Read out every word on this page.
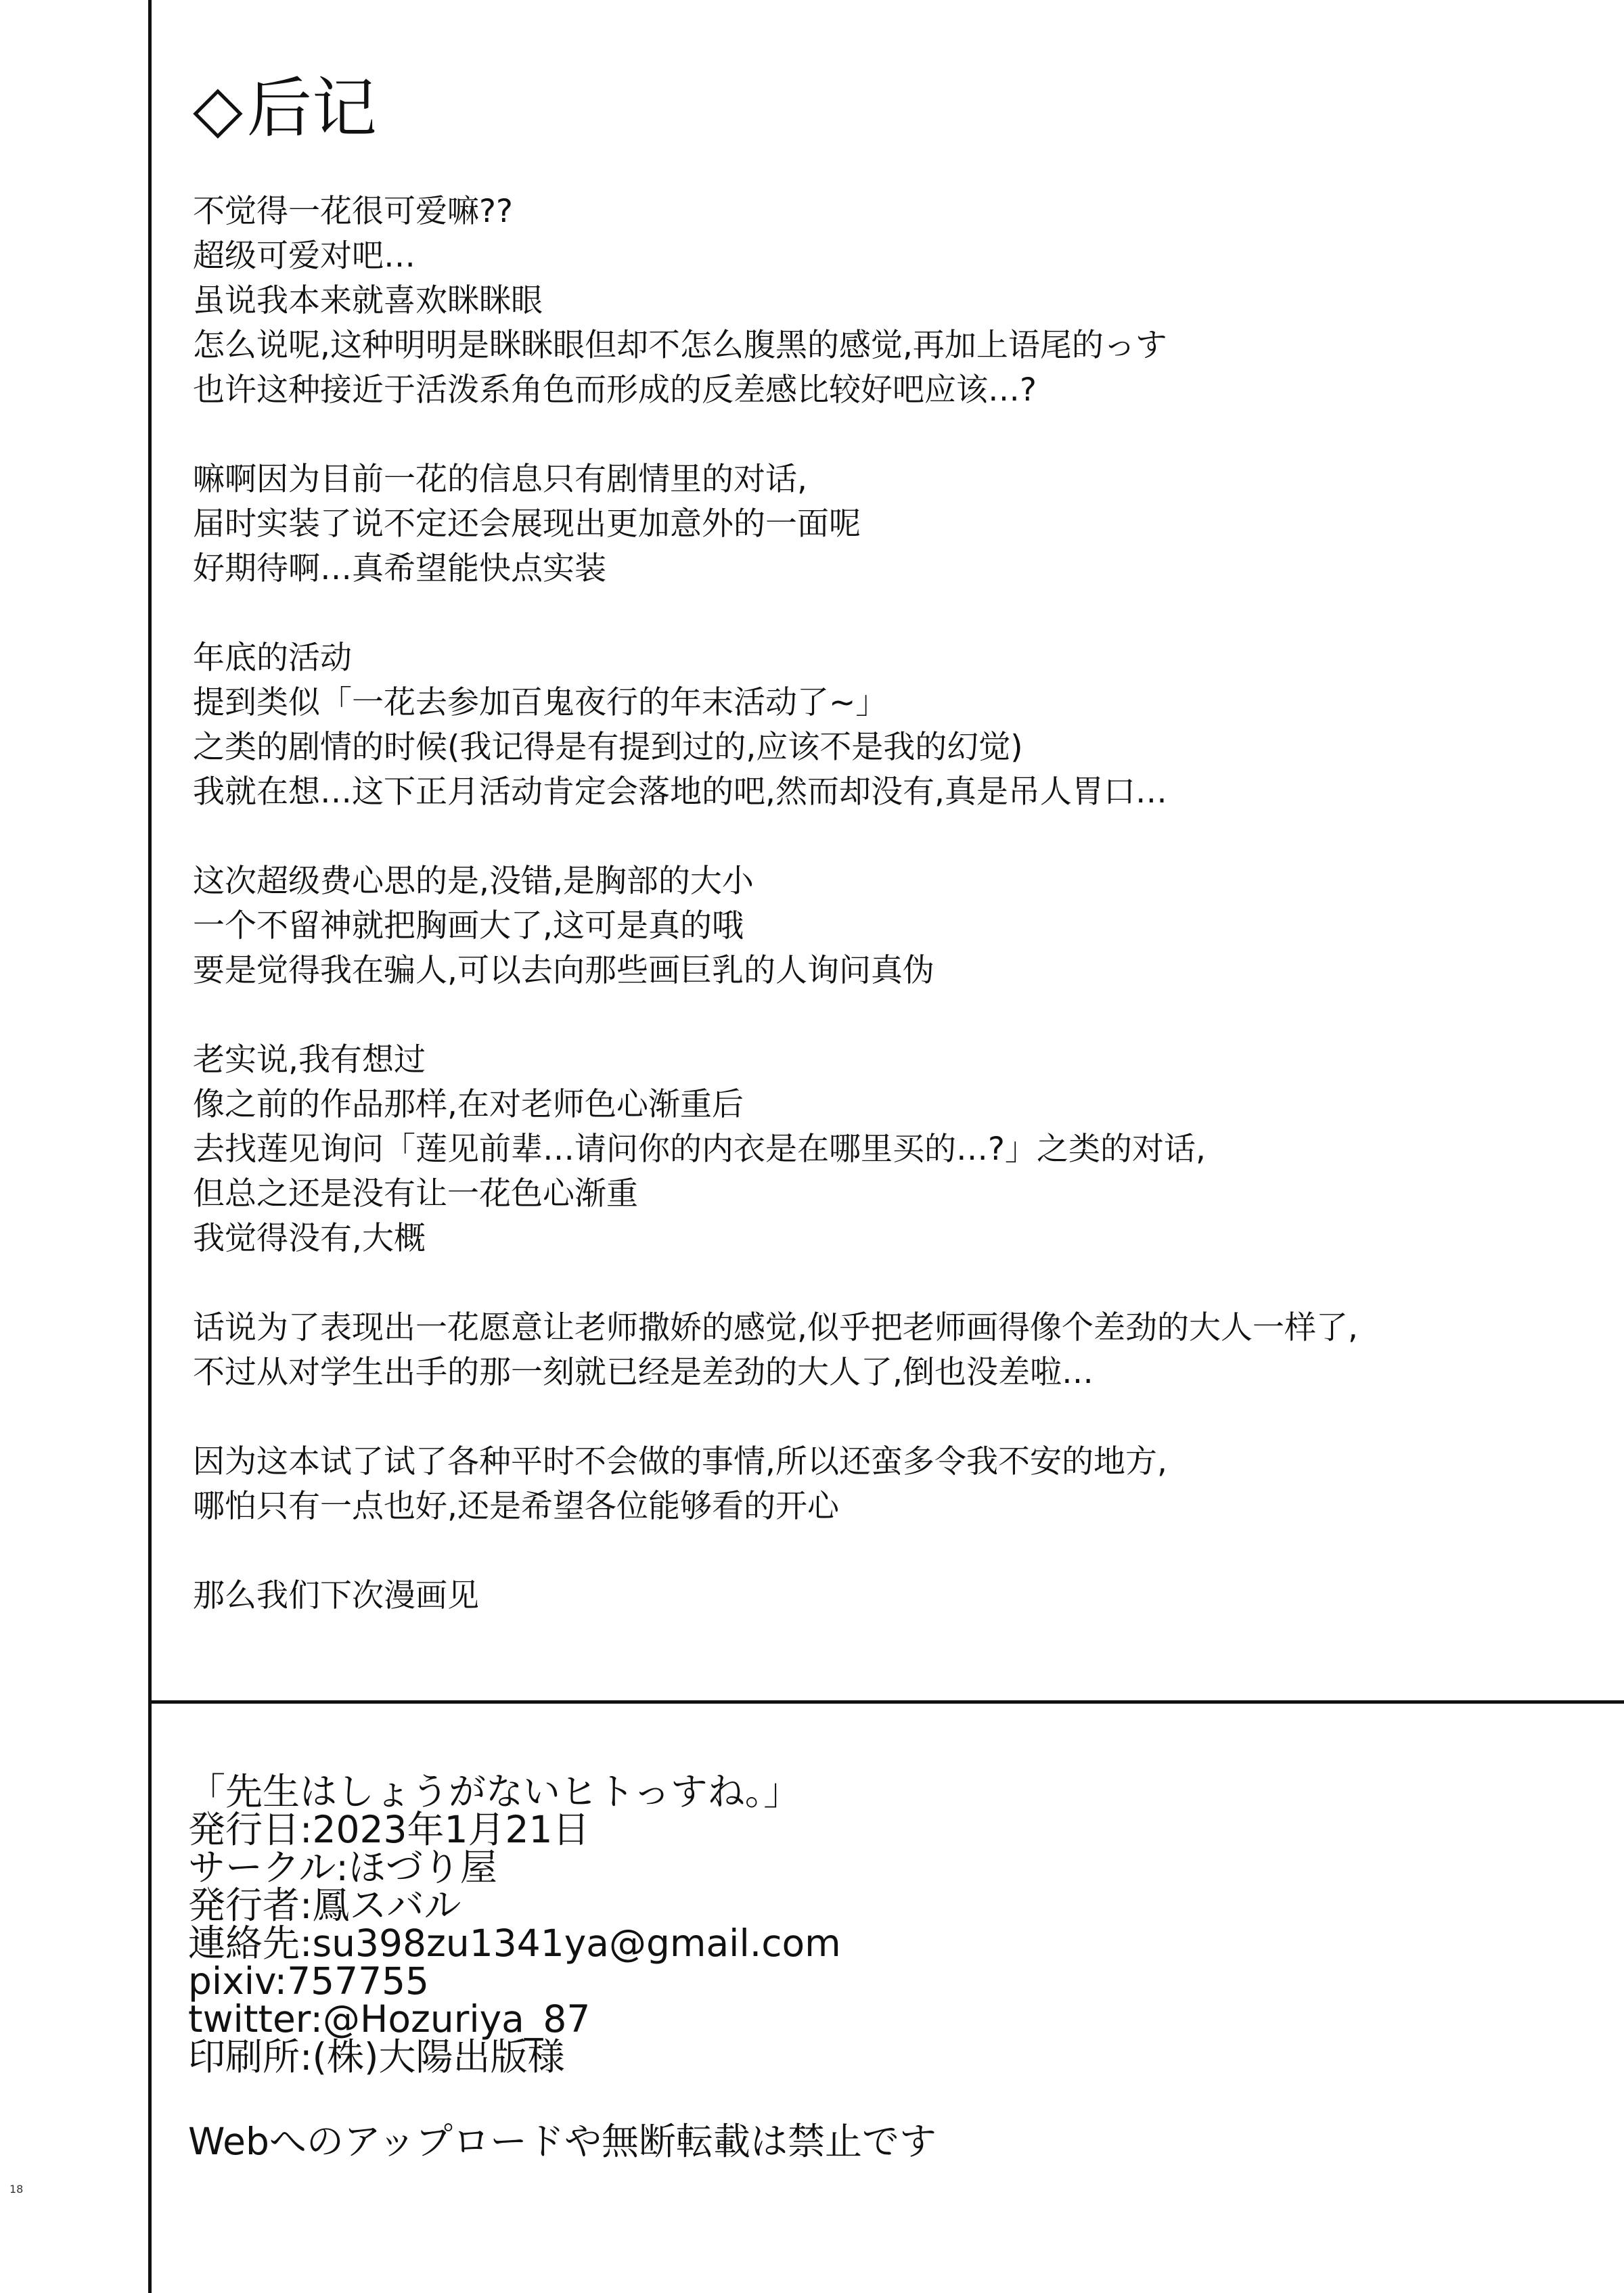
◇后记
不觉得一花很可爱嘛??
超级可爱对吧…
虽说我本来就喜欢眯眯眼
怎么说呢,这种明明是眯眯眼但却不怎么腹黑的感觉,再加上语尾的っす
也许这种接近于活泼系角色而形成的反差感比较好吧应该…?
嘛啊因为目前一花的信息只有剧情里的对话,
届时实装了说不定还会展现出更加意外的一面呢
好期待啊…真希望能快点实装
年底的活动
提到类似「一花去参加百鬼夜行的年末活动了~」
之类的剧情的时候(我记得是有提到过的,应该不是我的幻觉)
我就在想…这下正月活动肯定会落地的吧,然而却没有,真是吊人胃口…
这次超级费心思的是,没错,是胸部的大小
一个不留神就把胸画大了,这可是真的哦
要是觉得我在骗人,可以去向那些画巨乳的人询问真伪
老实说,我有想过
像之前的作品那样,在对老师色心渐重后
去找莲见询问「莲见前辈…请问你的内衣是在哪里买的…?」之类的对话,
但总之还是没有让一花色心渐重
我觉得没有,大概
话说为了表现出一花愿意让老师撒娇的感觉,似乎把老师画得像个差劲的大人一样了,
不过从对学生出手的那一刻就已经是差劲的大人了,倒也没差啦…
因为这本试了试了各种平时不会做的事情,所以还蛮多令我不安的地方,
哪怕只有一点也好,还是希望各位能够看的开心
那么我们下次漫画见
「先生はしょうがないヒトっすね。」
発行日:2023年1月21日
サークル:ほづり屋
発行者:鳳スバル
連絡先:su398zu1341ya@gmail.com
pixiv:757755
twitter:@Hozuriya_87
印刷所:(株)大陽出版様
Webへのアップロードや無断転載は禁止です
18
